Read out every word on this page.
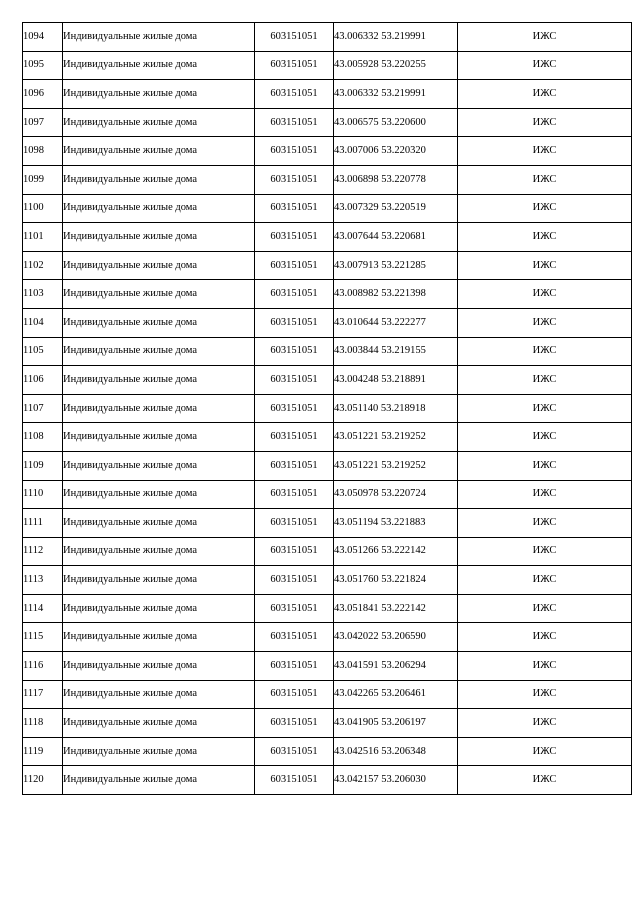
1094	Индивидуальные жилые дома	603151051	43.006332 53.219991	ИЖС
1095	Индивидуальные жилые дома	603151051	43.005928 53.220255	ИЖС
1096	Индивидуальные жилые дома	603151051	43.006332 53.219991	ИЖС
1097	Индивидуальные жилые дома	603151051	43.006575 53.220600	ИЖС
1098	Индивидуальные жилые дома	603151051	43.007006 53.220320	ИЖС
1099	Индивидуальные жилые дома	603151051	43.006898 53.220778	ИЖС
1100	Индивидуальные жилые дома	603151051	43.007329 53.220519	ИЖС
1101	Индивидуальные жилые дома	603151051	43.007644 53.220681	ИЖС
1102	Индивидуальные жилые дома	603151051	43.007913 53.221285	ИЖС
1103	Индивидуальные жилые дома	603151051	43.008982 53.221398	ИЖС
1104	Индивидуальные жилые дома	603151051	43.010644 53.222277	ИЖС
1105	Индивидуальные жилые дома	603151051	43.003844 53.219155	ИЖС
1106	Индивидуальные жилые дома	603151051	43.004248 53.218891	ИЖС
1107	Индивидуальные жилые дома	603151051	43.051140 53.218918	ИЖС
1108	Индивидуальные жилые дома	603151051	43.051221 53.219252	ИЖС
1109	Индивидуальные жилые дома	603151051	43.051221 53.219252	ИЖС
1110	Индивидуальные жилые дома	603151051	43.050978 53.220724	ИЖС
1111	Индивидуальные жилые дома	603151051	43.051194 53.221883	ИЖС
1112	Индивидуальные жилые дома	603151051	43.051266 53.222142	ИЖС
1113	Индивидуальные жилые дома	603151051	43.051760 53.221824	ИЖС
1114	Индивидуальные жилые дома	603151051	43.051841 53.222142	ИЖС
1115	Индивидуальные жилые дома	603151051	43.042022 53.206590	ИЖС
1116	Индивидуальные жилые дома	603151051	43.041591 53.206294	ИЖС
1117	Индивидуальные жилые дома	603151051	43.042265 53.206461	ИЖС
1118	Индивидуальные жилые дома	603151051	43.041905 53.206197	ИЖС
1119	Индивидуальные жилые дома	603151051	43.042516 53.206348	ИЖС
1120	Индивидуальные жилые дома	603151051	43.042157 53.206030	ИЖС
